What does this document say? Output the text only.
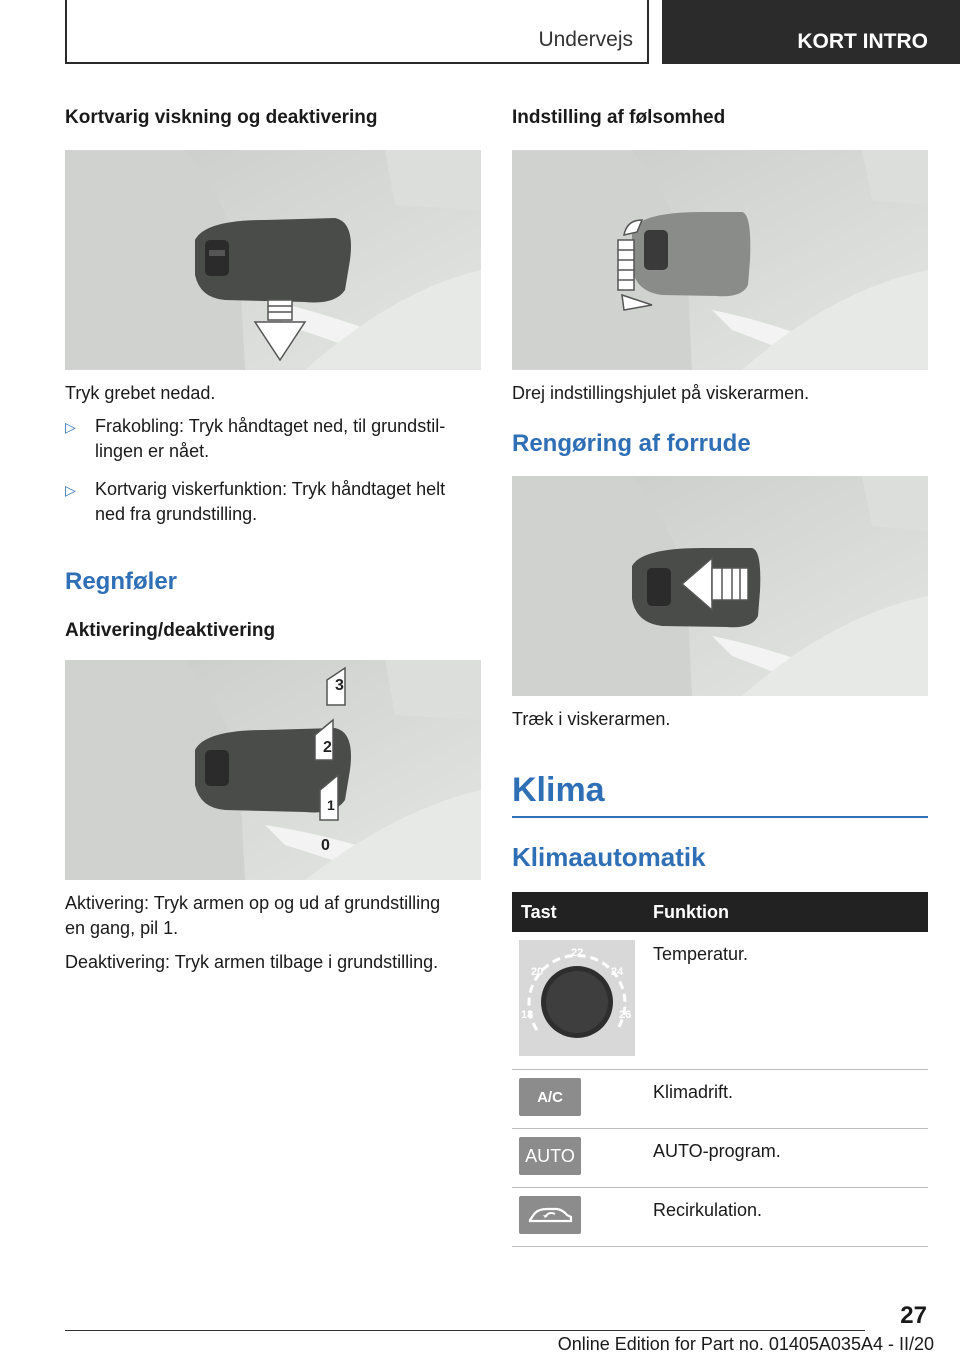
Undervejs	KORT INTRO
Kortvarig viskning og deaktivering

Tryk grebet nedad.

▷	Frakobling: Tryk håndtaget ned, til grundstil-
lingen er nået.
▷	Kortvarig viskerfunktion: Tryk håndtaget helt
ned fra grundstilling.
Regnføler
Aktivering/deaktivering
3
2
1
0

Aktivering: Tryk armen op og ud af grundstilling
en gang, pil 1.

Deaktivering: Tryk armen tilbage i grundstilling.

Indstilling af følsomhed

Drej indstillingshjulet på viskerarmen.

Rengøring af forrude

Træk i viskerarmen.

Klima
Klimaautomatik
Tast	Funktion

22
20 24
18 26	Temperatur.

A/C	Klimadrift.

AUTO	AUTO-program.

	Recirkulation.
27
Online Edition for Part no. 01405A035A4 - II/20
